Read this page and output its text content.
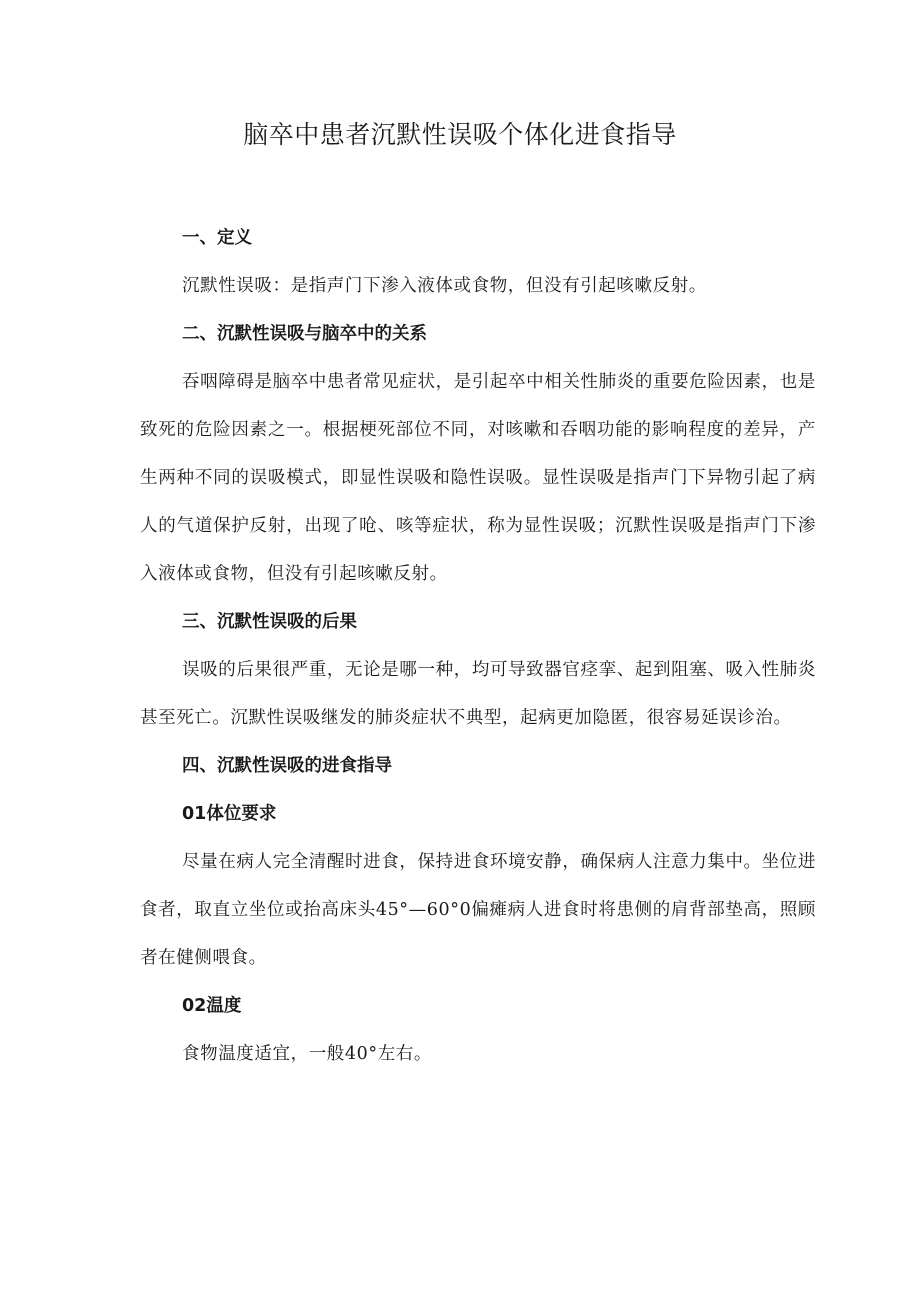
脑卒中患者沉默性误吸个体化进食指导
一、定义

沉默性误吸：是指声门下渗入液体或食物，但没有引起咳嗽反射。

二、沉默性误吸与脑卒中的关系

吞咽障碍是脑卒中患者常见症状，是引起卒中相关性肺炎的重要危险因素，也是致死的危险因素之一。根据梗死部位不同，对咳嗽和吞咽功能的影响程度的差异，产生两种不同的误吸模式，即显性误吸和隐性误吸。显性误吸是指声门下异物引起了病人的气道保护反射，出现了呛、咳等症状，称为显性误吸；沉默性误吸是指声门下渗入液体或食物，但没有引起咳嗽反射。

三、沉默性误吸的后果

误吸的后果很严重，无论是哪一种，均可导致器官痉挛、起到阻塞、吸入性肺炎甚至死亡。沉默性误吸继发的肺炎症状不典型，起病更加隐匿，很容易延误诊治。

四、沉默性误吸的进食指导
01体位要求

尽量在病人完全清醒时进食，保持进食环境安静，确保病人注意力集中。坐位进食者，取直立坐位或抬高床头45°—60°0偏瘫病人进食时将患侧的肩背部垫高，照顾者在健侧喂食。

02温度

食物温度适宜，一般40°左右。
